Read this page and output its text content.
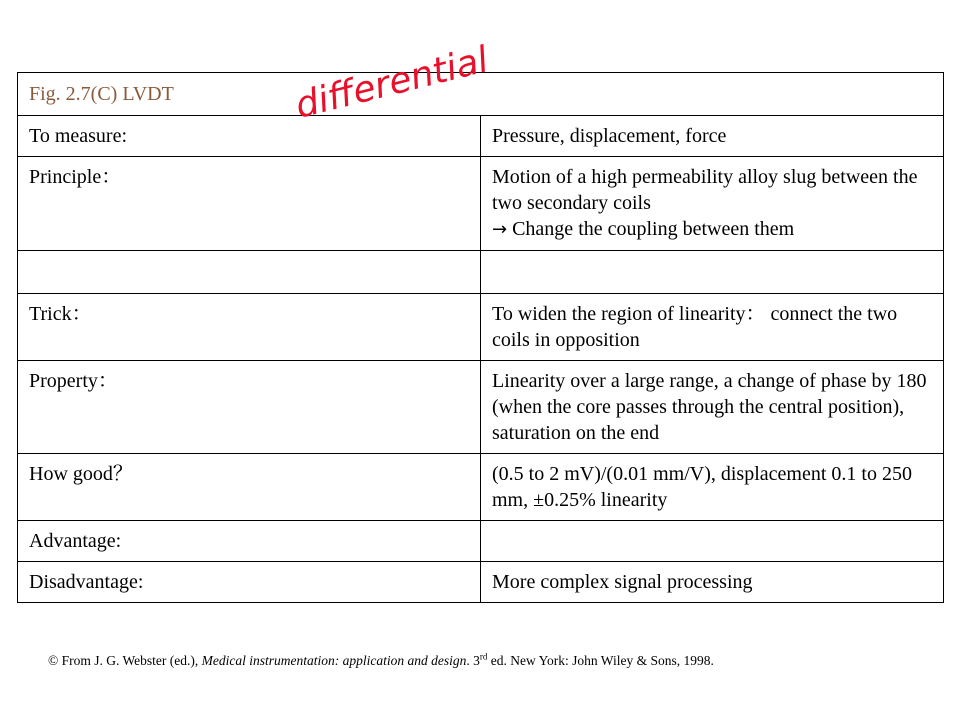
Fig. 2.7(C) LVDT	
To measure:	Pressure, displacement, force
Principle：	Motion of a high permeability alloy slug between the two secondary coils
→ Change the coupling between them

Trick：	To widen the region of linearity： connect the two coils in opposition
Property：	Linearity over a large range, a change of phase by 180 (when the core passes through the central position), saturation on the end
How good？	(0.5 to 2 mV)/(0.01 mm/V), displacement 0.1 to 250 mm, ±0.25% linearity
Advantage:	
Disadvantage:	More complex signal processing
differential
© From J. G. Webster (ed.), Medical instrumentation: application and design. 3rd ed. New York: John Wiley & Sons, 1998.
